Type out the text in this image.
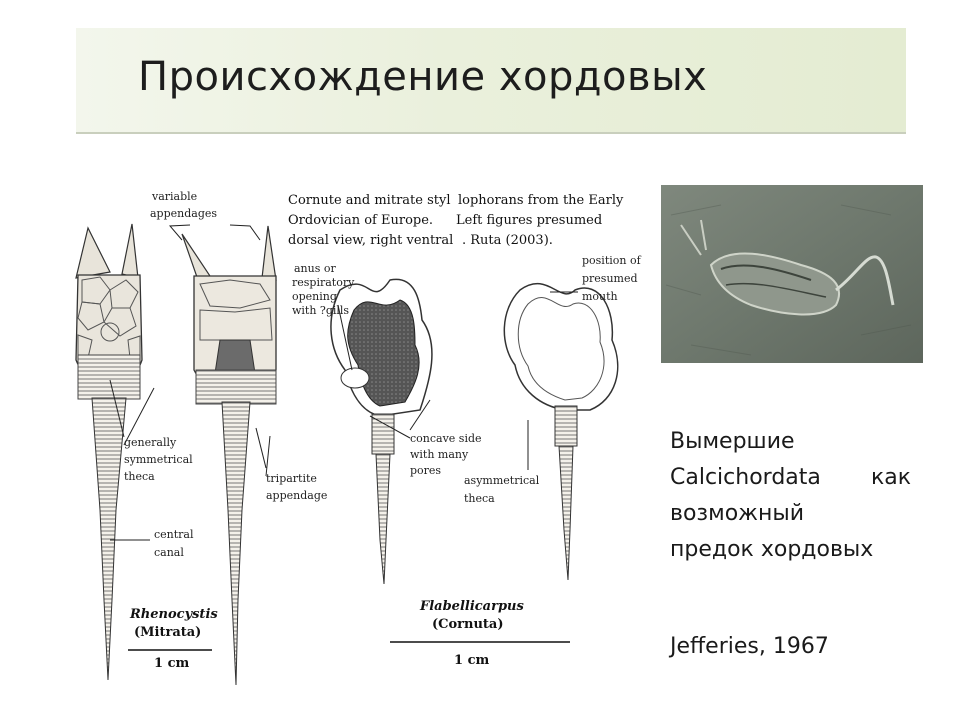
Происхождение хордовых
Cornute and mitrate styl lophorans from the Early
Ordovician of Europe. Left figures presumed
dorsal view, right ventral . Ruta (2003).
variable
appendages
generally
symmetrical
theca	tripartite
appendage
central
canal
anus or
respiratory
opening
with ?gills
concave side
with many
pores
asymmetrical
theca
position of
presumed
mouth
Rhenocystis
(Mitrata)
1 cm
Flabellicarpus
(Cornuta)
1 cm
Вымершие
Calcichordata как
возможный
предок хордовых
Jefferies, 1967
